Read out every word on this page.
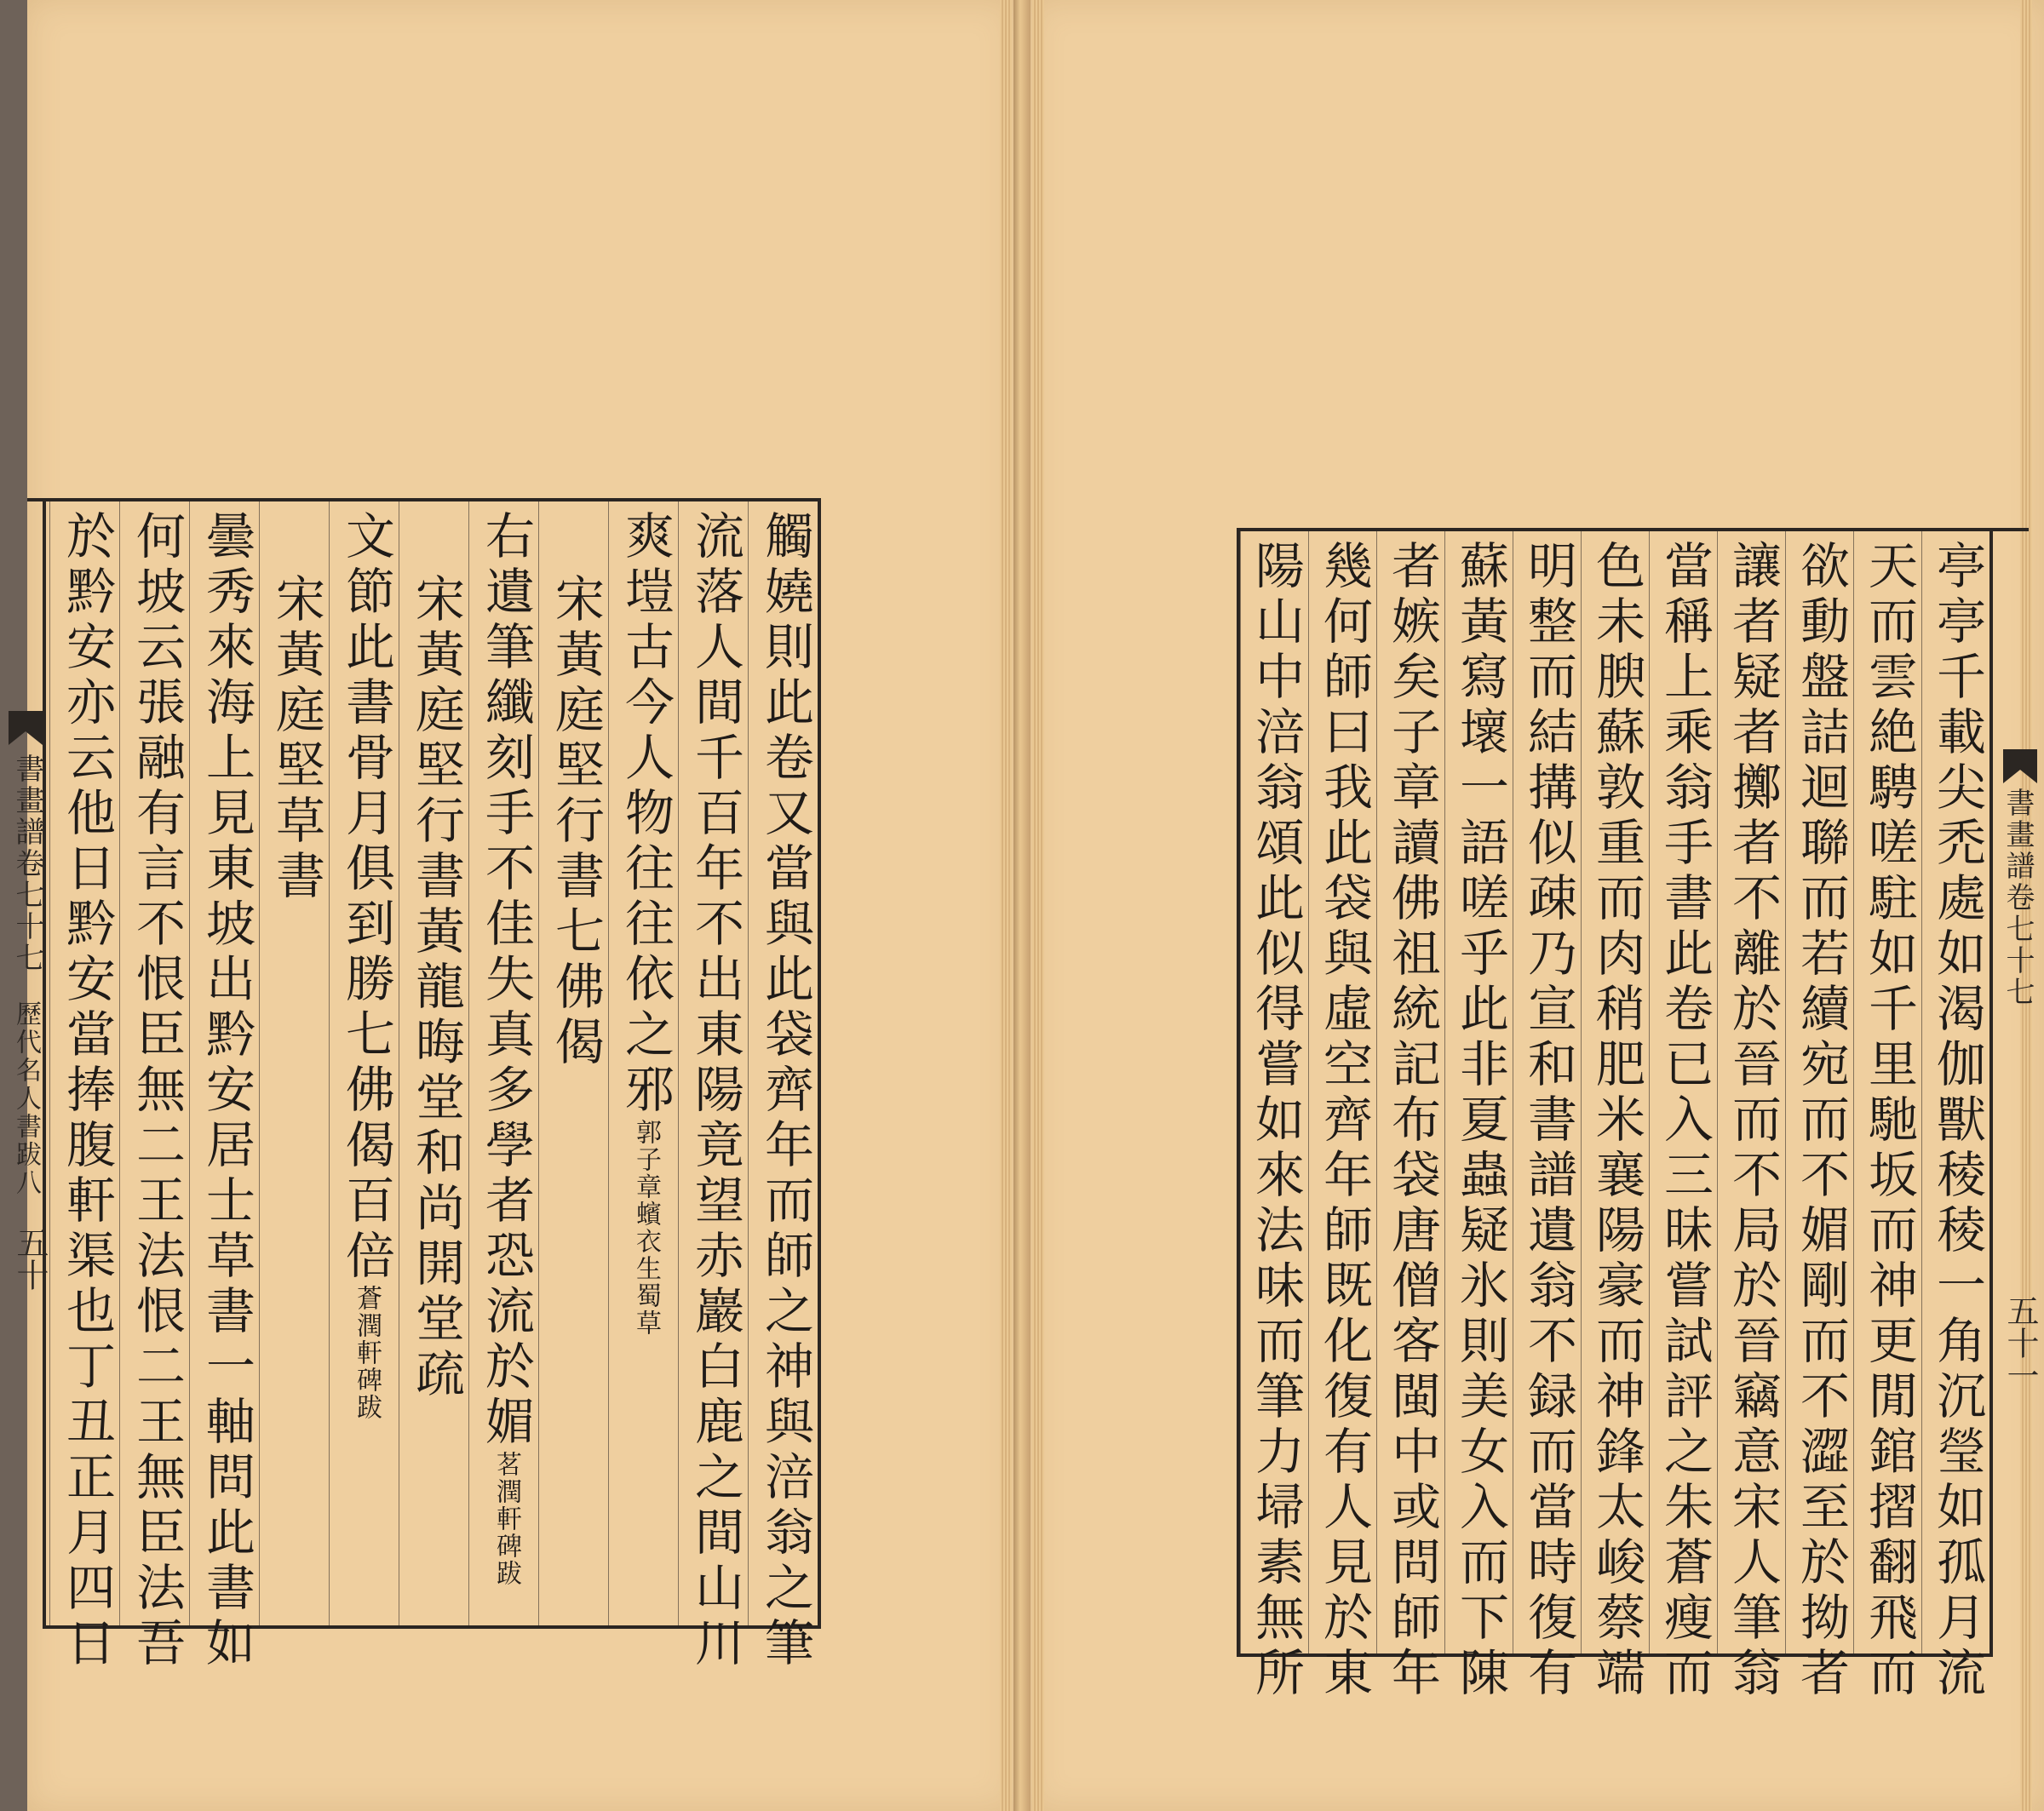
書畫譜卷七十七
歷代名人書跋八
五十	觸嬈則此卷又當與此袋齊年而師之神與涪翁之筆
流落人間千百年不出東陽竟望赤巖白鹿之間山川
爽塏古今人物往往依之邪郭子章蠙衣生蜀草
宋黃庭堅行書七佛偈
右遺筆纖刻手不佳失真多學者恐流於媚茗潤軒碑跋
宋黃庭堅行書黃龍晦堂和尚開堂疏
文節此書骨月俱到勝七佛偈百倍蒼潤軒碑跋
宋黃庭堅草書
曇秀來海上見東坡出黔安居士草書一軸問此書如
何坡云張融有言不恨臣無二王法恨二王無臣法吾
於黔安亦云他日黔安當捧腹軒渠也丁丑正月四日	書畫譜卷七十七
五十一
亭亭千載尖禿處如渴伽獸稜稜一角沉瑩如孤月流
天而雲絶騁嗟駐如千里馳坂而神更閒錧摺翻飛而
欲動盤詰迴聯而若續宛而不媚剛而不澀至於拗者
讓者疑者擲者不離於晉而不局於晉竊意宋人筆翁
當稱上乘翁手書此卷已入三昧嘗試評之朱蒼瘦而
色未腴蘇敦重而肉稍肥米襄陽豪而神鋒太峻蔡端
明整而結搆似疎乃宣和書譜遺翁不録而當時復有
蘇黃寫壞一語嗟乎此非夏蟲疑氷則美女入而下陳
者嫉矣子章讀佛祖統記布袋唐僧客閩中或問師年
幾何師曰我此袋與虛空齊年師既化復有人見於東
陽山中涪翁頌此似得嘗如來法味而筆力埽素無所
